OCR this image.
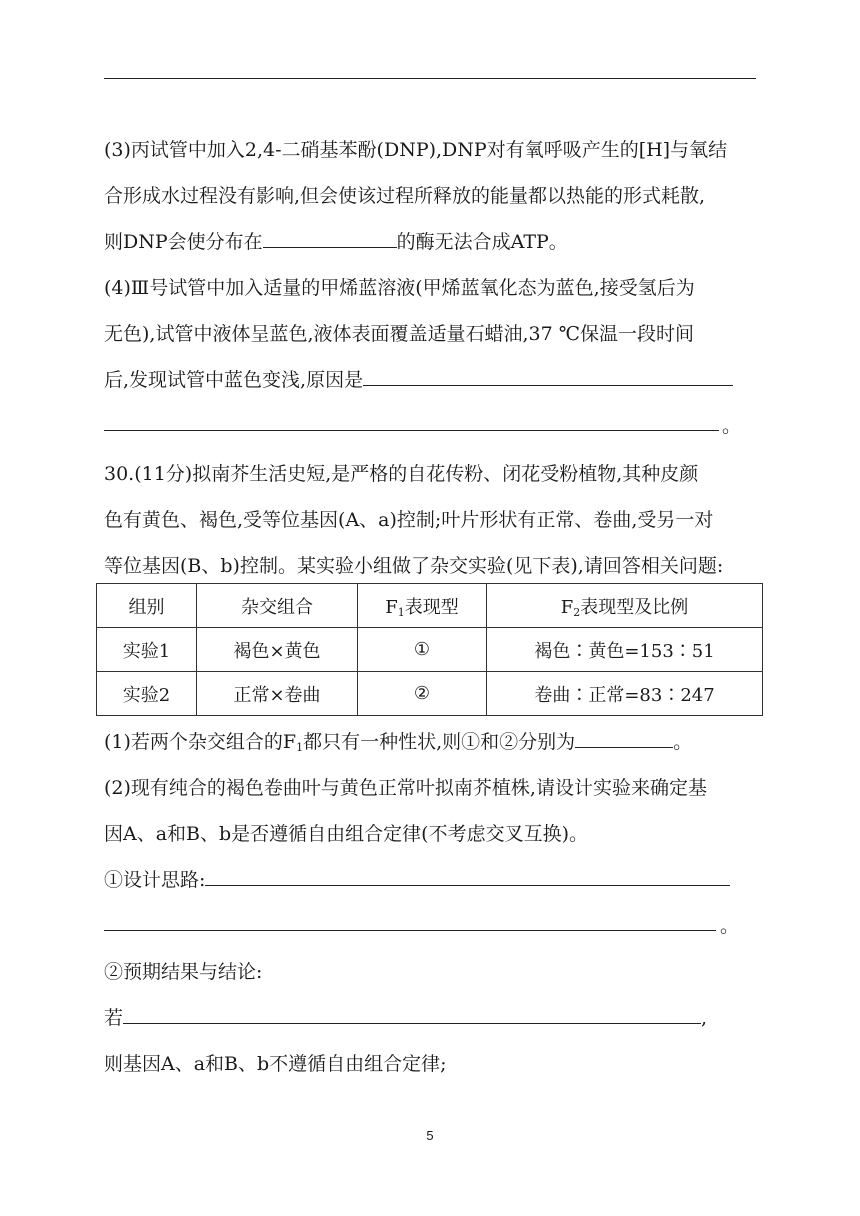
(3)丙试管中加入2,4-二硝基苯酚(DNP),DNP对有氧呼吸产生的[H]与氧结
合形成水过程没有影响,但会使该过程所释放的能量都以热能的形式耗散,
则DNP会使分布在	的酶无法合成ATP。
(4)Ⅲ号试管中加入适量的甲烯蓝溶液(甲烯蓝氧化态为蓝色,接受氢后为
无色),试管中液体呈蓝色,液体表面覆盖适量石蜡油,37 ℃保温一段时间
后,发现试管中蓝色变浅,原因是
。
30.(11分)拟南芥生活史短,是严格的自花传粉、闭花受粉植物,其种皮颜
色有黄色、褐色,受等位基因(A、a)控制;叶片形状有正常、卷曲,受另一对
等位基因(B、b)控制。某实验小组做了杂交实验(见下表),请回答相关问题:
组别	杂交组合	$F_1$表现型	$F_2$表现型及比例
实验1	褐色×黄色	①	褐色∶黄色=153∶51
实验2	正常×卷曲	②	卷曲∶正常=83∶247
(1)若两个杂交组合的$F_1$都只有一种性状,则①和②分别为	。
(2)现有纯合的褐色卷曲叶与黄色正常叶拟南芥植株,请设计实验来确定基
因A、a和B、b是否遵循自由组合定律(不考虑交叉互换)。
①设计思路:
。
②预期结果与结论:
若	,
则基因A、a和B、b不遵循自由组合定律;
5
